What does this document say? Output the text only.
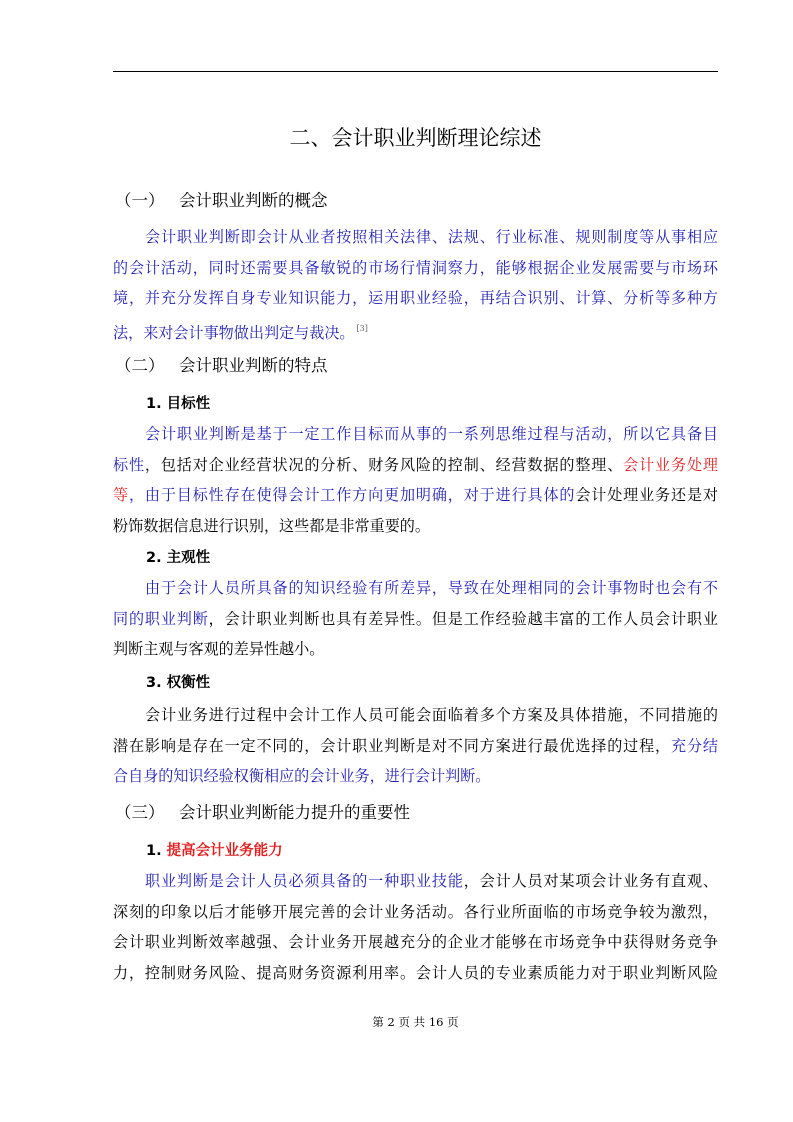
二、会计职业判断理论综述
（一） 会计职业判断的概念
会计职业判断即会计从业者按照相关法律、法规、行业标准、规则制度等从事相应
的会计活动，同时还需要具备敏锐的市场行情洞察力，能够根据企业发展需要与市场环
境，并充分发挥自身专业知识能力，运用职业经验，再结合识别、计算、分析等多种方
法，来对会计事物做出判定与裁决。 [3]
（二） 会计职业判断的特点
1. 目标性
会计职业判断是基于一定工作目标而从事的一系列思维过程与活动，所以它具备目
标性，包括对企业经营状况的分析、财务风险的控制、经营数据的整理、会计业务处理
等，由于目标性存在使得会计工作方向更加明确，对于进行具体的会计处理业务还是对
粉饰数据信息进行识别，这些都是非常重要的。
2. 主观性
由于会计人员所具备的知识经验有所差异，导致在处理相同的会计事物时也会有不
同的职业判断，会计职业判断也具有差异性。但是工作经验越丰富的工作人员会计职业
判断主观与客观的差异性越小。
3. 权衡性
会计业务进行过程中会计工作人员可能会面临着多个方案及具体措施，不同措施的
潜在影响是存在一定不同的，会计职业判断是对不同方案进行最优选择的过程，充分结
合自身的知识经验权衡相应的会计业务，进行会计判断。
（三） 会计职业判断能力提升的重要性
1. 提高会计业务能力
职业判断是会计人员必须具备的一种职业技能，会计人员对某项会计业务有直观、
深刻的印象以后才能够开展完善的会计业务活动。各行业所面临的市场竞争较为激烈，
会计职业判断效率越强、会计业务开展越充分的企业才能够在市场竞争中获得财务竞争
力，控制财务风险、提高财务资源利用率。会计人员的专业素质能力对于职业判断风险
第 2 页 共 16 页
